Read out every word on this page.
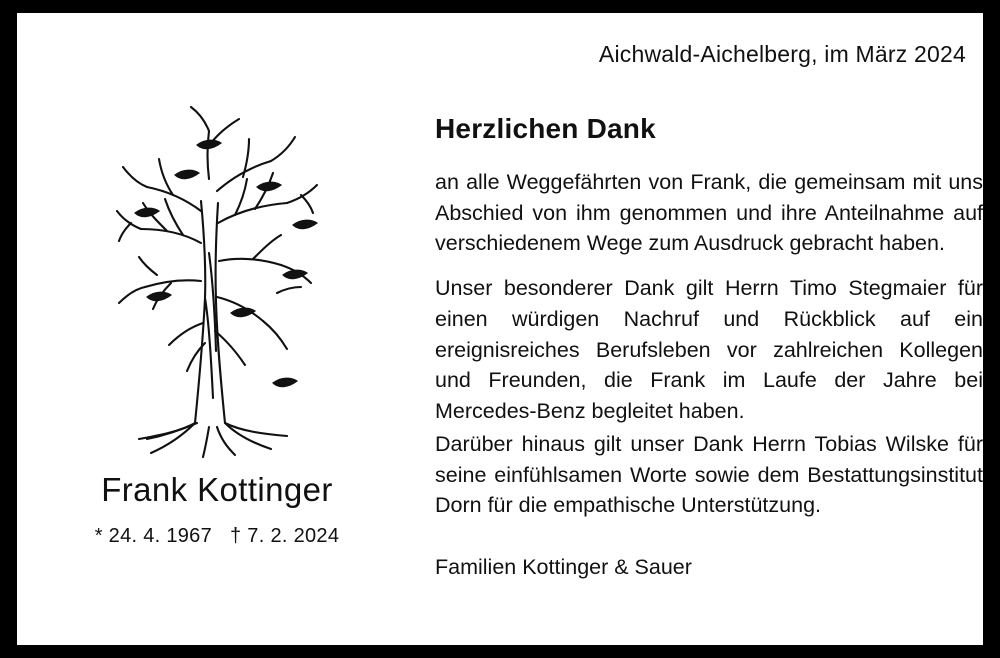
Aichwald-Aichelberg, im März 2024
Frank Kottinger
* 24. 4. 1967 † 7. 2. 2024
Herzlichen Dank

an alle Weggefährten von Frank, die gemeinsam mit uns Abschied von ihm genommen und ihre Anteilnahme auf verschiedenem Wege zum Ausdruck gebracht haben.

Unser besonderer Dank gilt Herrn Timo Stegmaier für einen würdigen Nachruf und Rückblick auf ein ereignisreiches Berufsleben vor zahlreichen Kollegen und Freunden, die Frank im Laufe der Jahre bei Mercedes-Benz begleitet haben.

Darüber hinaus gilt unser Dank Herrn Tobias Wilske für seine einfühlsamen Worte sowie dem Bestattungsinstitut Dorn für die empathische Unterstützung.

Familien Kottinger & Sauer
